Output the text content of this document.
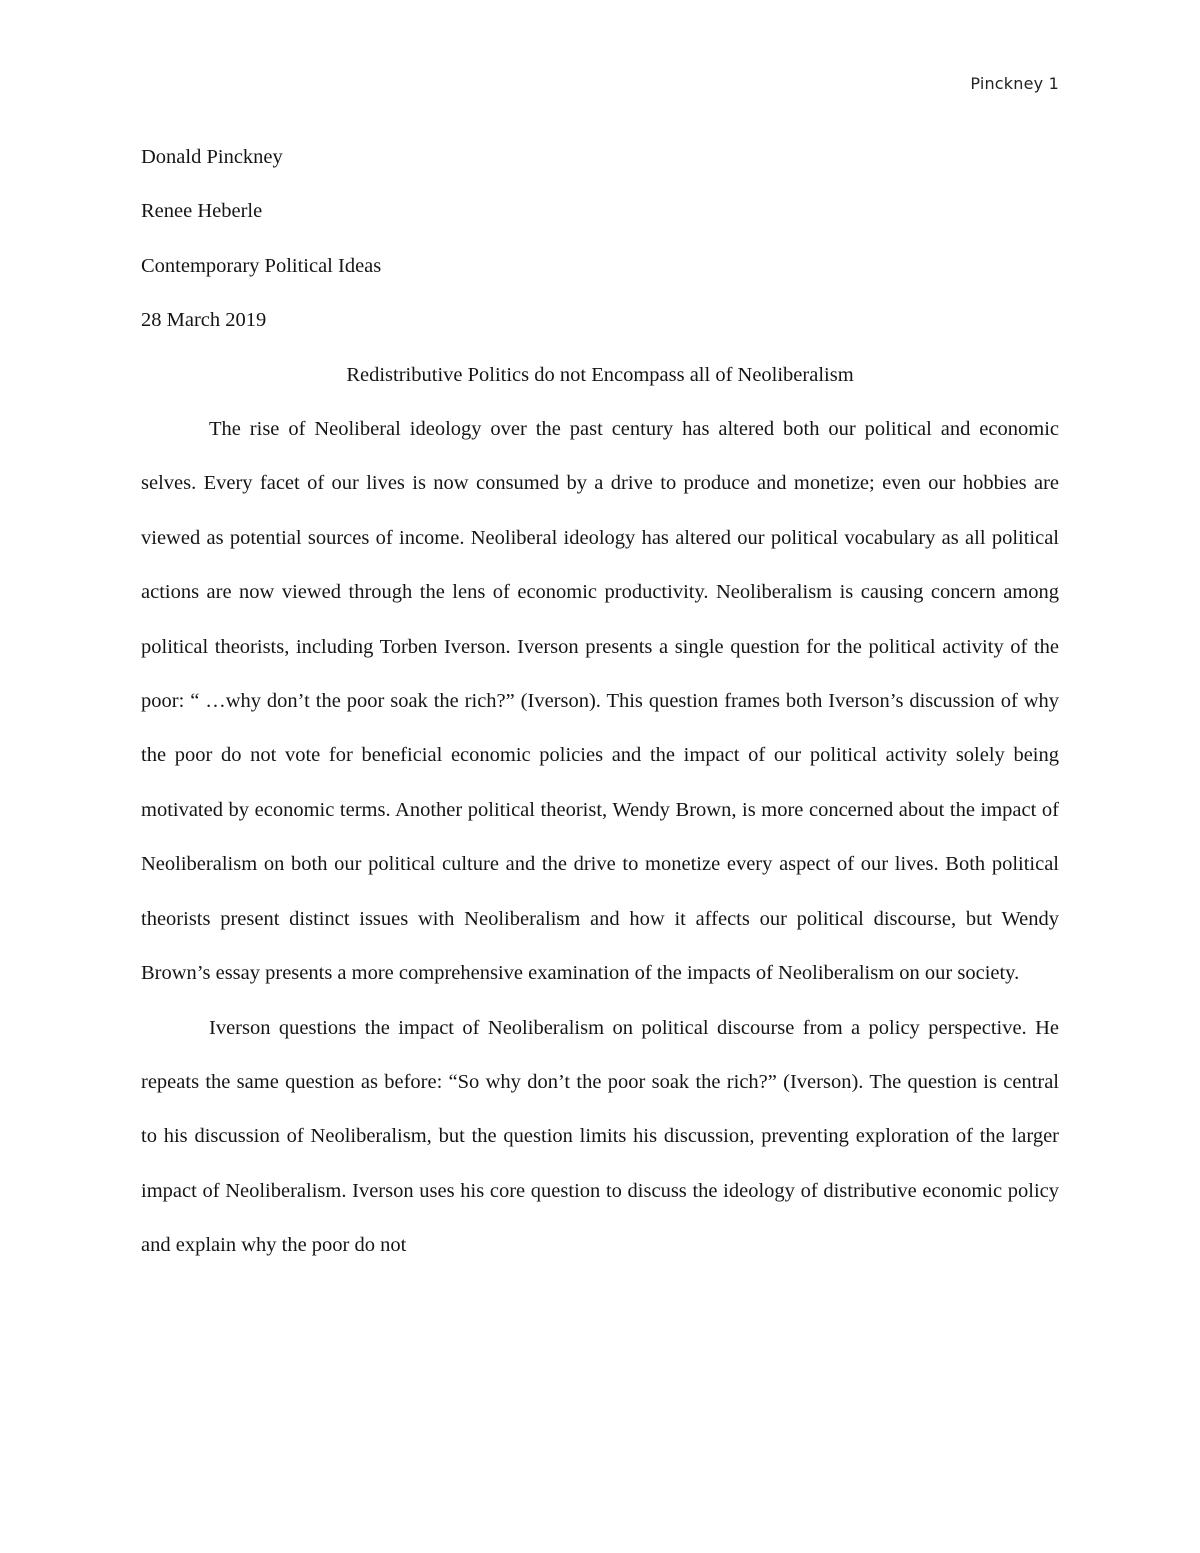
Pinckney 1

Donald Pinckney

Renee Heberle

Contemporary Political Ideas

28 March 2019

Redistributive Politics do not Encompass all of Neoliberalism

The rise of Neoliberal ideology over the past century has altered both our political and economic selves. Every facet of our lives is now consumed by a drive to produce and monetize; even our hobbies are viewed as potential sources of income. Neoliberal ideology has altered our political vocabulary as all political actions are now viewed through the lens of economic productivity. Neoliberalism is causing concern among political theorists, including Torben Iverson. Iverson presents a single question for the political activity of the poor: “ …why don’t the poor soak the rich?” (Iverson). This question frames both Iverson’s discussion of why the poor do not vote for beneficial economic policies and the impact of our political activity solely being motivated by economic terms. Another political theorist, Wendy Brown, is more concerned about the impact of Neoliberalism on both our political culture and the drive to monetize every aspect of our lives. Both political theorists present distinct issues with Neoliberalism and how it affects our political discourse, but Wendy Brown’s essay presents a more comprehensive examination of the impacts of Neoliberalism on our society.

Iverson questions the impact of Neoliberalism on political discourse from a policy perspective. He repeats the same question as before: “So why don’t the poor soak the rich?” (Iverson). The question is central to his discussion of Neoliberalism, but the question limits his discussion, preventing exploration of the larger impact of Neoliberalism. Iverson uses his core question to discuss the ideology of distributive economic policy and explain why the poor do not
